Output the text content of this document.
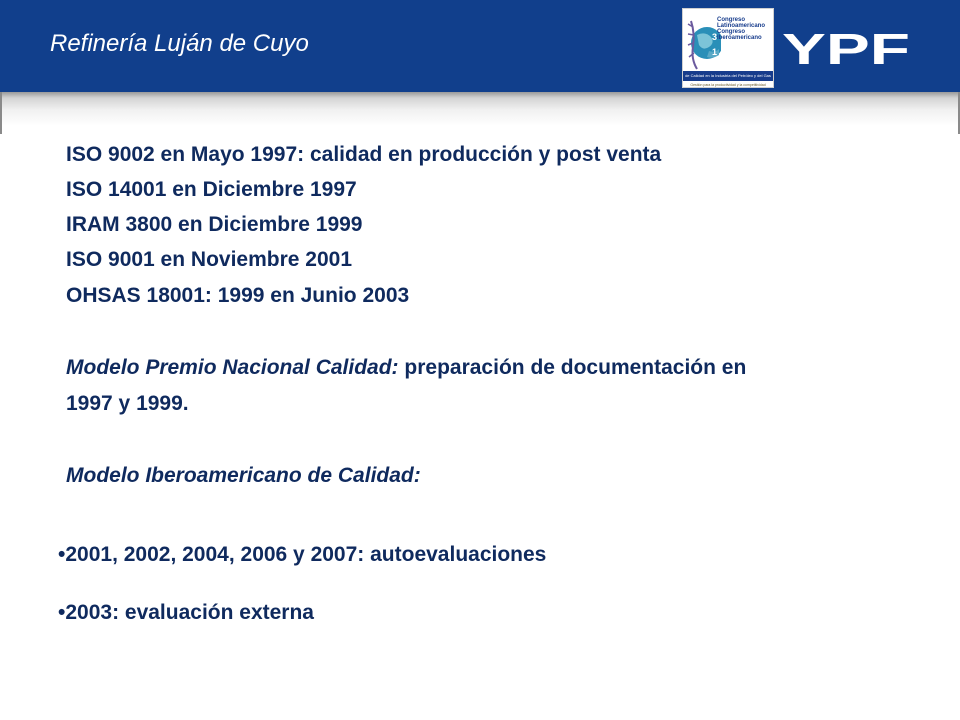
Refinería Luján de Cuyo	3
1
Congreso
Latinoamericano
Congreso
Iberoamericano
de Calidad en la Industria del Petróleo y del Gas
Gestión para la productividad y la competitividad
YPF
ISO 9002 en Mayo 1997: calidad en producción y post venta
ISO 14001 en Diciembre 1997
IRAM 3800 en Diciembre 1999
ISO 9001 en Noviembre 2001
OHSAS 18001: 1999 en Junio 2003
Modelo Premio Nacional Calidad: preparación de documentación en
1997 y 1999.
Modelo Iberoamericano de Calidad:
•2001, 2002, 2004, 2006 y 2007: autoevaluaciones
•2003: evaluación externa
